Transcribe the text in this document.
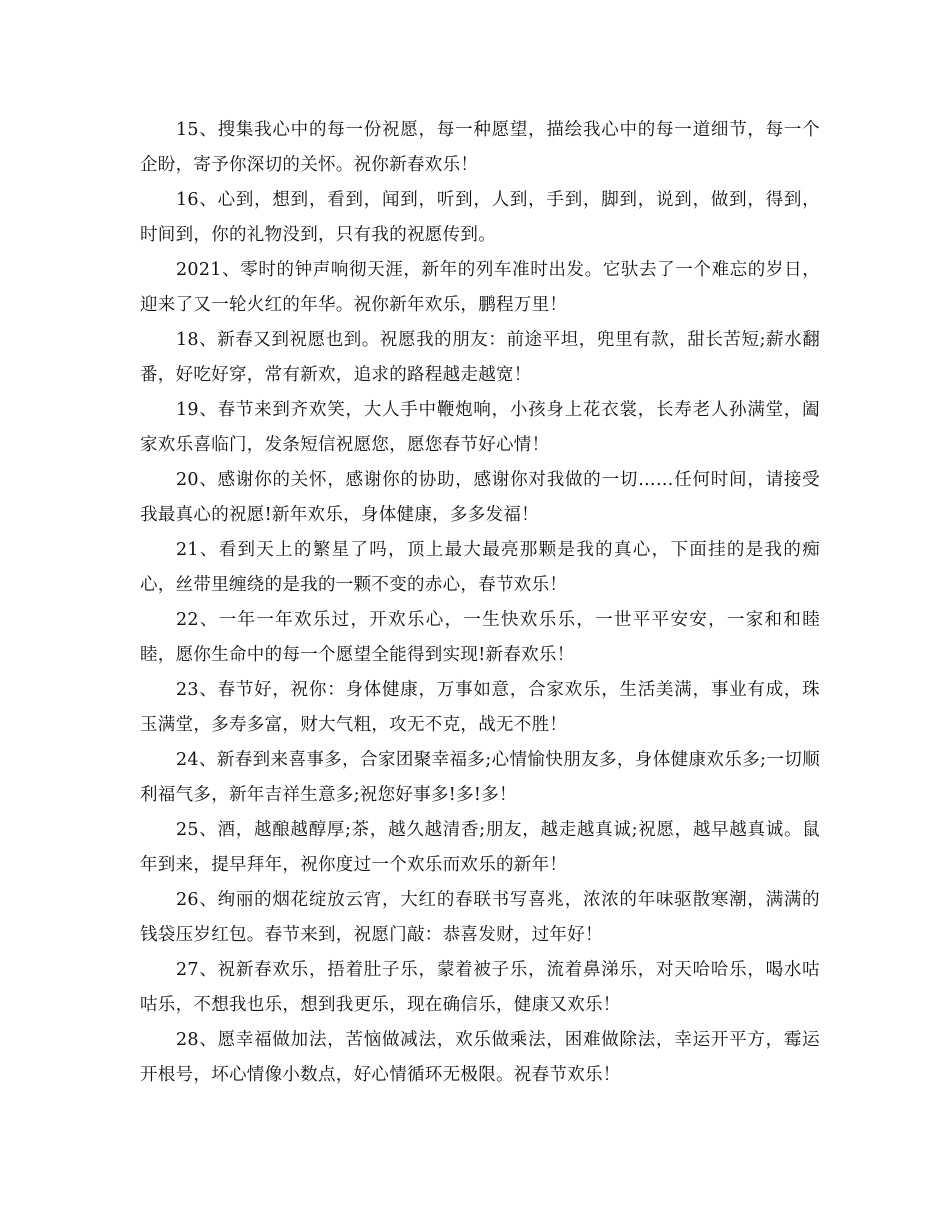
15、搜集我心中的每一份祝愿，每一种愿望，描绘我心中的每一道细节，每一个企盼，寄予你深切的关怀。祝你新春欢乐！

16、心到，想到，看到，闻到，听到，人到，手到，脚到，说到，做到，得到，时间到，你的礼物没到，只有我的祝愿传到。

2021、零时的钟声响彻天涯，新年的列车准时出发。它驮去了一个难忘的岁日，迎来了又一轮火红的年华。祝你新年欢乐，鹏程万里！

18、新春又到祝愿也到。祝愿我的朋友：前途平坦，兜里有款，甜长苦短;薪水翻番，好吃好穿，常有新欢，追求的路程越走越宽！

19、春节来到齐欢笑，大人手中鞭炮响，小孩身上花衣裳，长寿老人孙满堂，阖家欢乐喜临门，发条短信祝愿您，愿您春节好心情！

20、感谢你的关怀，感谢你的协助，感谢你对我做的一切……任何时间，请接受我最真心的祝愿!新年欢乐，身体健康，多多发福！

21、看到天上的繁星了吗，顶上最大最亮那颗是我的真心，下面挂的是我的痴心，丝带里缠绕的是我的一颗不变的赤心，春节欢乐！

22、一年一年欢乐过，开欢乐心，一生快欢乐乐，一世平平安安，一家和和睦睦，愿你生命中的每一个愿望全能得到实现!新春欢乐！

23、春节好，祝你：身体健康，万事如意，合家欢乐，生活美满，事业有成，珠玉满堂，多寿多富，财大气粗，攻无不克，战无不胜！

24、新春到来喜事多，合家团聚幸福多;心情愉快朋友多，身体健康欢乐多;一切顺利福气多，新年吉祥生意多;祝您好事多!多!多！

25、酒，越酿越醇厚;茶，越久越清香;朋友，越走越真诚;祝愿，越早越真诚。鼠年到来，提早拜年，祝你度过一个欢乐而欢乐的新年！

26、绚丽的烟花绽放云宵，大红的春联书写喜兆，浓浓的年味驱散寒潮，满满的钱袋压岁红包。春节来到，祝愿门敲：恭喜发财，过年好！

27、祝新春欢乐，捂着肚子乐，蒙着被子乐，流着鼻涕乐，对天哈哈乐，喝水咕咕乐，不想我也乐，想到我更乐，现在确信乐，健康又欢乐！

28、愿幸福做加法，苦恼做减法，欢乐做乘法，困难做除法，幸运开平方，霉运开根号，坏心情像小数点，好心情循环无极限。祝春节欢乐！
